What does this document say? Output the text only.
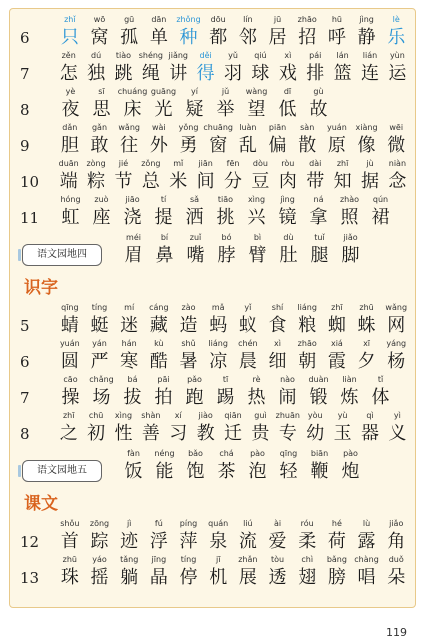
6
zhǐ
只
wō
窝
gū
孤
dān
单
zhǒng
种
dōu
都
lín
邻
jū
居
zhāo
招
hū
呼
jìng
静
lè
乐
7
zěn
怎
dú
独
tiào
跳
shéng
绳
jiǎng
讲
děi
得
yǔ
羽
qiú
球
xì
戏
pái
排
lán
篮
lián
连
yùn
运
8
yè
夜
sī
思
chuáng
床
guāng
光
yí
疑
jǔ
举
wàng
望
dī
低
gù
故
9
dǎn
胆
gǎn
敢
wǎng
往
wài
外
yǒng
勇
chuāng
窗
luàn
乱
piān
偏
sàn
散
yuán
原
xiàng
像
wēi
微
10
duān
端
zòng
粽
jié
节
zǒng
总
mǐ
米
jiān
间
fēn
分
dòu
豆
ròu
肉
dài
带
zhī
知
jù
据
niàn
念
11
hóng
虹
zuò
座
jiāo
浇
tí
提
sǎ
洒
tiāo
挑
xìng
兴
jìng
镜
ná
拿
zhào
照
qún
裙
语文园地四
méi
眉
bí
鼻
zuǐ
嘴
bó
脖
bì
臂
dù
肚
tuǐ
腿
jiǎo
脚
识字
5
qīng
蜻
tíng
蜓
mí
迷
cáng
藏
zào
造
mǎ
蚂
yǐ
蚁
shí
食
liáng
粮
zhī
蜘
zhū
蛛
wǎng
网
6
yuán
圆
yán
严
hán
寒
kù
酷
shǔ
暑
liáng
凉
chén
晨
xì
细
zhāo
朝
xiá
霞
xī
夕
yáng
杨
7
cāo
操
chǎng
场
bá
拔
pāi
拍
pǎo
跑
tī
踢
rè
热
nào
闹
duàn
锻
liàn
炼
tǐ
体
8
zhī
之
chū
初
xìng
性
shàn
善
xí
习
jiào
教
qiān
迁
guì
贵
zhuān
专
yòu
幼
yù
玉
qì
器
yì
义
语文园地五
fàn
饭
néng
能
bǎo
饱
chá
茶
pào
泡
qīng
轻
biān
鞭
pào
炮
课文
12
shǒu
首
zōng
踪
jì
迹
fú
浮
píng
萍
quán
泉
liú
流
ài
爱
róu
柔
hé
荷
lù
露
jiǎo
角
13
zhū
珠
yáo
摇
tǎng
躺
jīng
晶
tíng
停
jī
机
zhǎn
展
tòu
透
chì
翅
bǎng
膀
chàng
唱
duǒ
朵
119
